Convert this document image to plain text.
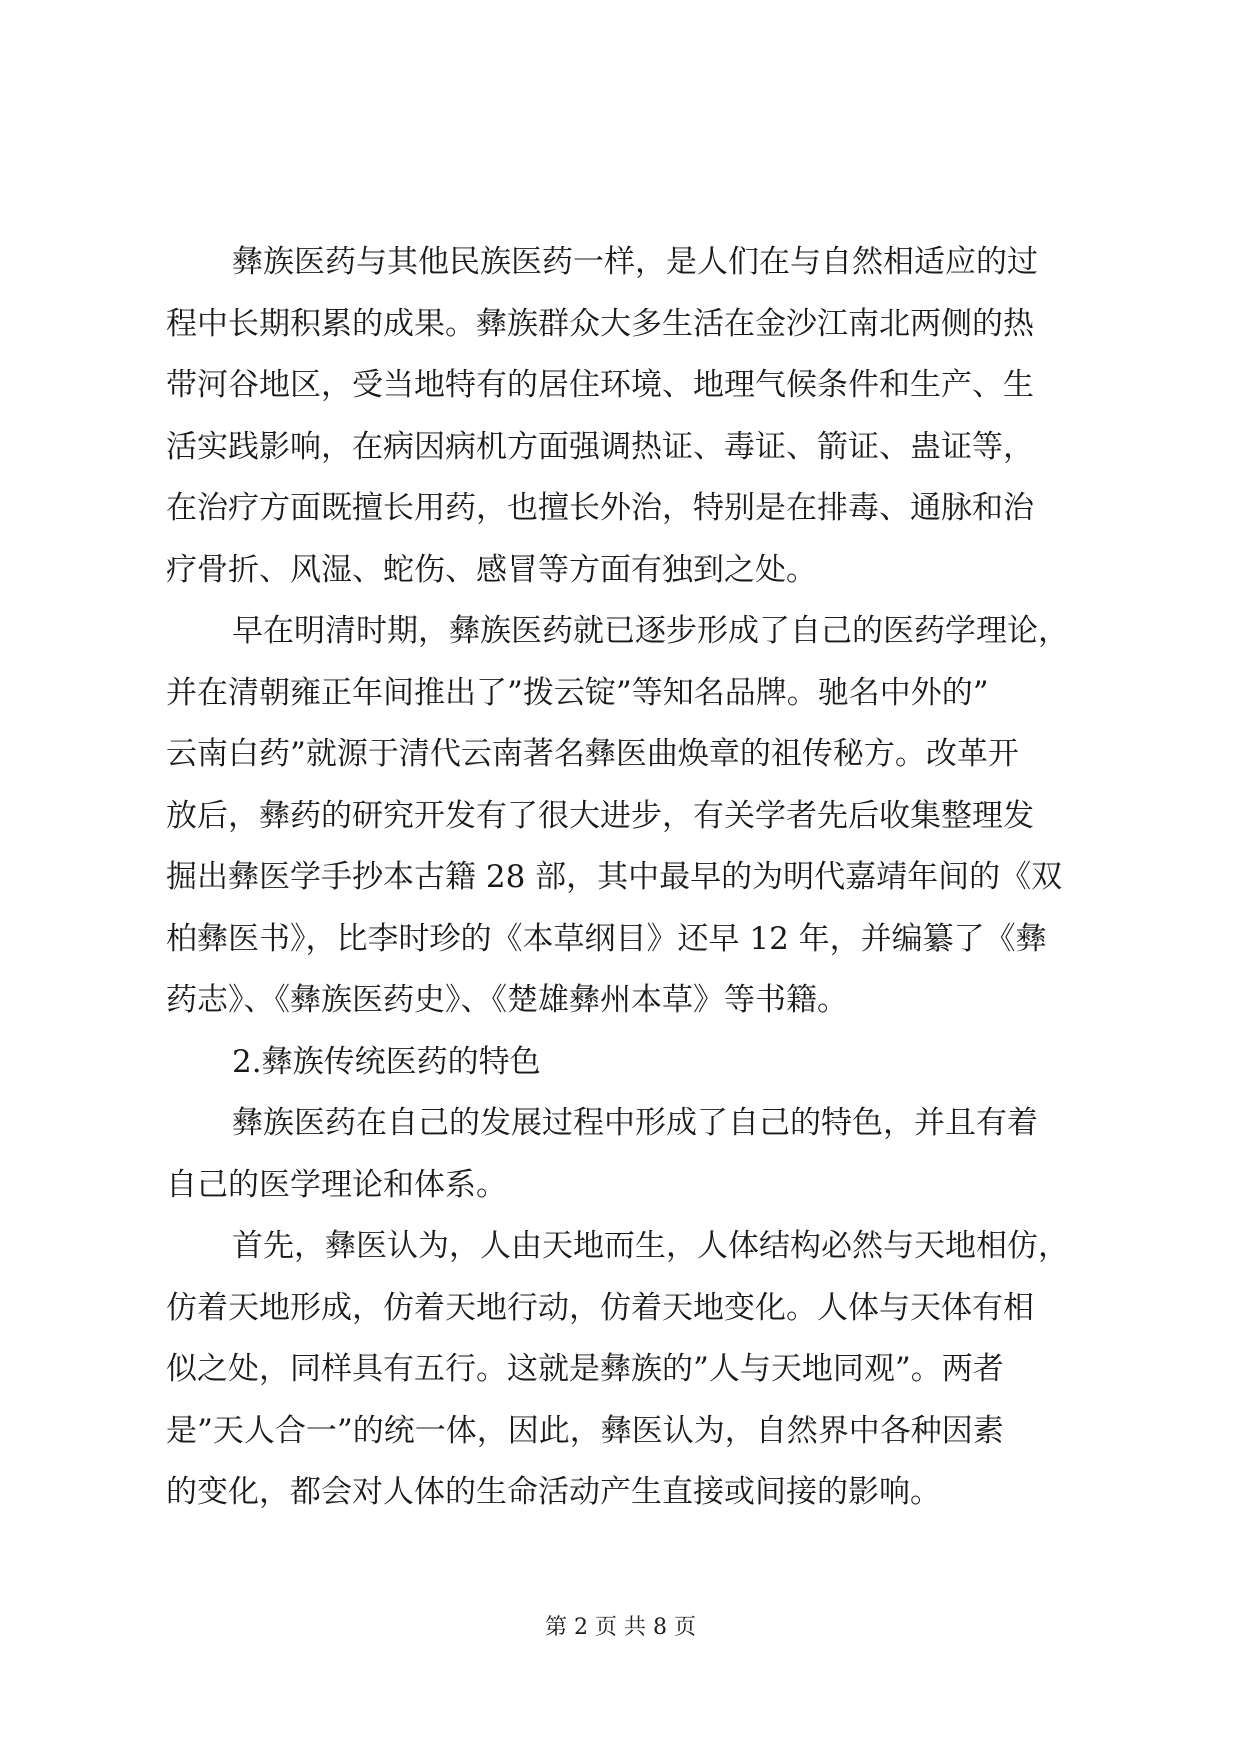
彝族医药与其他民族医药一样，是人们在与自然相适应的过
程中长期积累的成果。彝族群众大多生活在金沙江南北两侧的热
带河谷地区，受当地特有的居住环境、地理气候条件和生产、生
活实践影响，在病因病机方面强调热证、毒证、箭证、蛊证等，
在治疗方面既擅长用药，也擅长外治，特别是在排毒、通脉和治
疗骨折、风湿、蛇伤、感冒等方面有独到之处。
早在明清时期，彝族医药就已逐步形成了自己的医药学理论，
并在清朝雍正年间推出了”拨云锭”等知名品牌。驰名中外的”
云南白药”就源于清代云南著名彝医曲焕章的祖传秘方。改革开
放后，彝药的研究开发有了很大进步，有关学者先后收集整理发
掘出彝医学手抄本古籍 28 部，其中最早的为明代嘉靖年间的《双
柏彝医书》，比李时珍的《本草纲目》还早 12 年，并编纂了《彝
药志》、《彝族医药史》、《楚雄彝州本草》等书籍。
2.彝族传统医药的特色
彝族医药在自己的发展过程中形成了自己的特色，并且有着
自己的医学理论和体系。
首先，彝医认为，人由天地而生，人体结构必然与天地相仿，
仿着天地形成，仿着天地行动，仿着天地变化。人体与天体有相
似之处，同样具有五行。这就是彝族的”人与天地同观”。两者
是”天人合一”的统一体，因此，彝医认为，自然界中各种因素
的变化，都会对人体的生命活动产生直接或间接的影响。
第 2 页 共 8 页
